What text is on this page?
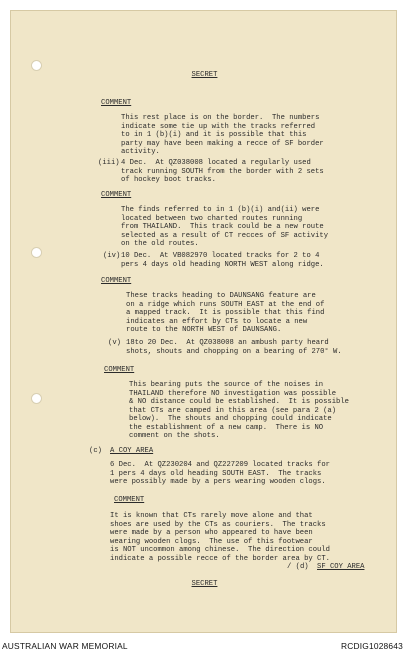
SECRET

COMMENT

This rest place is on the border.  The numbers

indicate some tie up with the tracks referred

to in 1 (b)(i) and it is possible that this

party may have been making a recce of SF border

activity.

(iii) 4 Dec.  At QZ038008 located a regularly used

track running SOUTH from the border with 2 sets

of hockey boot tracks.

COMMENT

The finds referred to in 1 (b)(i) and(ii) were

located between two charted routes running

from THAILAND.  This track could be a new route

selected as a result of CT recces of SF activity

on the old routes.

(iv) 10 Dec.  At VB082970 located tracks for 2 to 4

pers 4 days old heading NORTH WEST along ridge.

COMMENT

These tracks heading to DAUNSANG feature are

on a ridge which runs SOUTH EAST at the end of

a mapped track.  It is possible that this find

indicates an effort by CTs to locate a new

route to the NORTH WEST of DAUNSANG.

(v) 18to 20 Dec.  At QZ038008 an ambush party heard

shots, shouts and chopping on a bearing of 270° W.

COMMENT

This bearing puts the source of the noises in

THAILAND therefore NO investigation was possible

& NO distance could be established.  It is possible

that CTs are camped in this area (see para 2 (a)

below).  The shouts and chopping could indicate

the establishment of a new camp.  There is NO

comment on the shots.

(c) A COY AREA

6 Dec.  At QZ230204 and QZ227209 located tracks for

1 pers 4 days old heading SOUTH EAST.  The tracks

were possibly made by a pers wearing wooden clogs.

COMMENT

It is known that CTs rarely move alone and that

shoes are used by the CTs as couriers.  The tracks

were made by a person who appeared to have been

wearing wooden clogs.  The use of this footwear

is NOT uncommon among chinese.  The direction could

indicate a possible recce of the border area by CT.

/ (d) SF COY AREA

SECRET

AUSTRALIAN WAR MEMORIAL	RCDIG1028643
